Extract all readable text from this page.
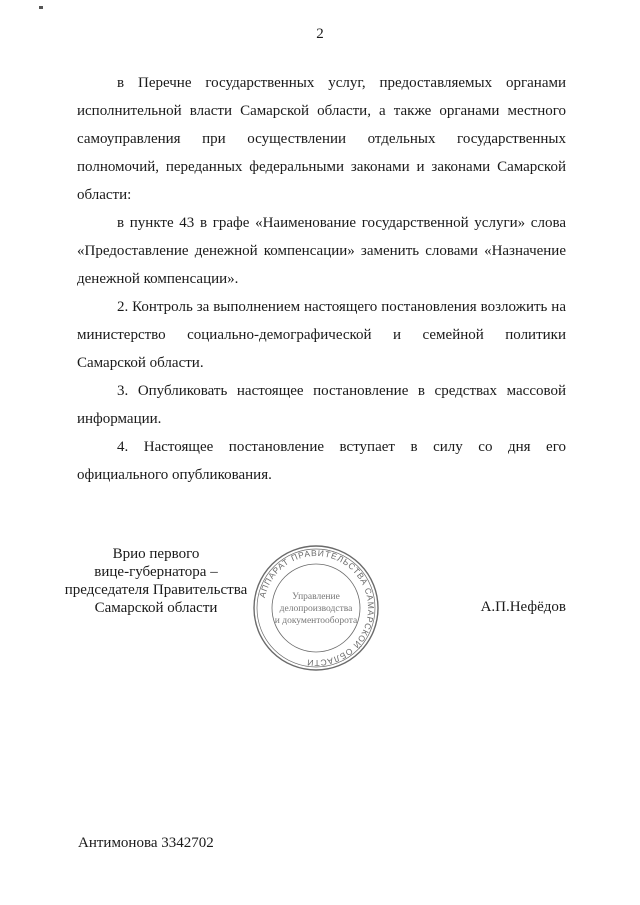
2

в Перечне государственных услуг, предоставляемых органами исполнительной власти Самарской области, а также органами местного самоуправления при осуществлении отдельных государственных полномочий, переданных федеральными законами и законами Самарской области:

в пункте 43 в графе «Наименование государственной услуги» слова «Предоставление денежной компенсации» заменить словами «Назначение денежной компенсации».

2. Контроль за выполнением настоящего постановления возложить на министерство социально-демографической и семейной политики Самарской области.

3. Опубликовать настоящее постановление в средствах массовой информации.

4. Настоящее постановление вступает в силу со дня его официального опубликования.

Врио первого
вице-губернатора –
председателя Правительства
Самарской области
АППАРАТ ПРАВИТЕЛЬСТВА САМАРСКОЙ ОБЛАСТИ
Управление
делопроизводства
и документооборота
А.П.Нефёдов
Антимонова 3342702
